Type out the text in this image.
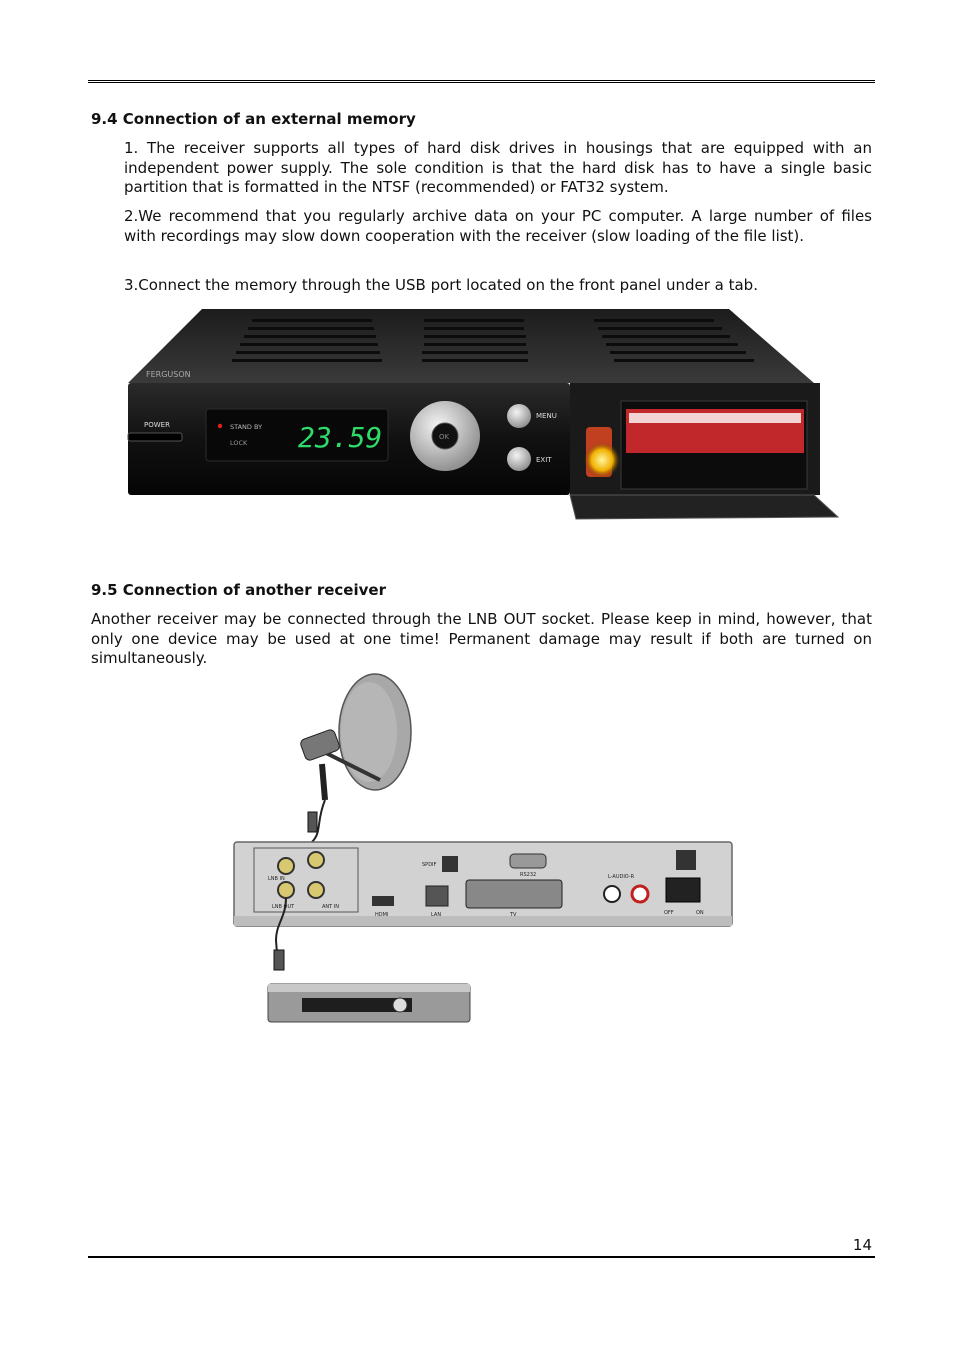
9.4 Connection of an external memory

1. The receiver supports all types of hard disk drives in housings that are equipped with an independent power supply. The sole condition is that the hard disk has to have a single basic partition that is formatted in the NTSF (recommended) or FAT32 system.

2.We recommend that you regularly archive data on your PC computer. A large number of files with recordings may slow down cooperation with the receiver (slow loading of the file list).

3.Connect the memory through the USB port located on the front panel under a tab.

FERGUSON
POWER	STAND BY
LOCK 23.59	OK
MENU
EXIT
9.5 Connection of another receiver

Another receiver may be connected through the LNB OUT socket. Please keep in mind, however, that only one device may be used at one time! Permanent damage may result if both are turned on simultaneously.

LNB IN
LNB OUT	ANT IN
SPDIF
RS232
HDMI	LAN	TV
L-AUDIO-R
OFF	ON
14
